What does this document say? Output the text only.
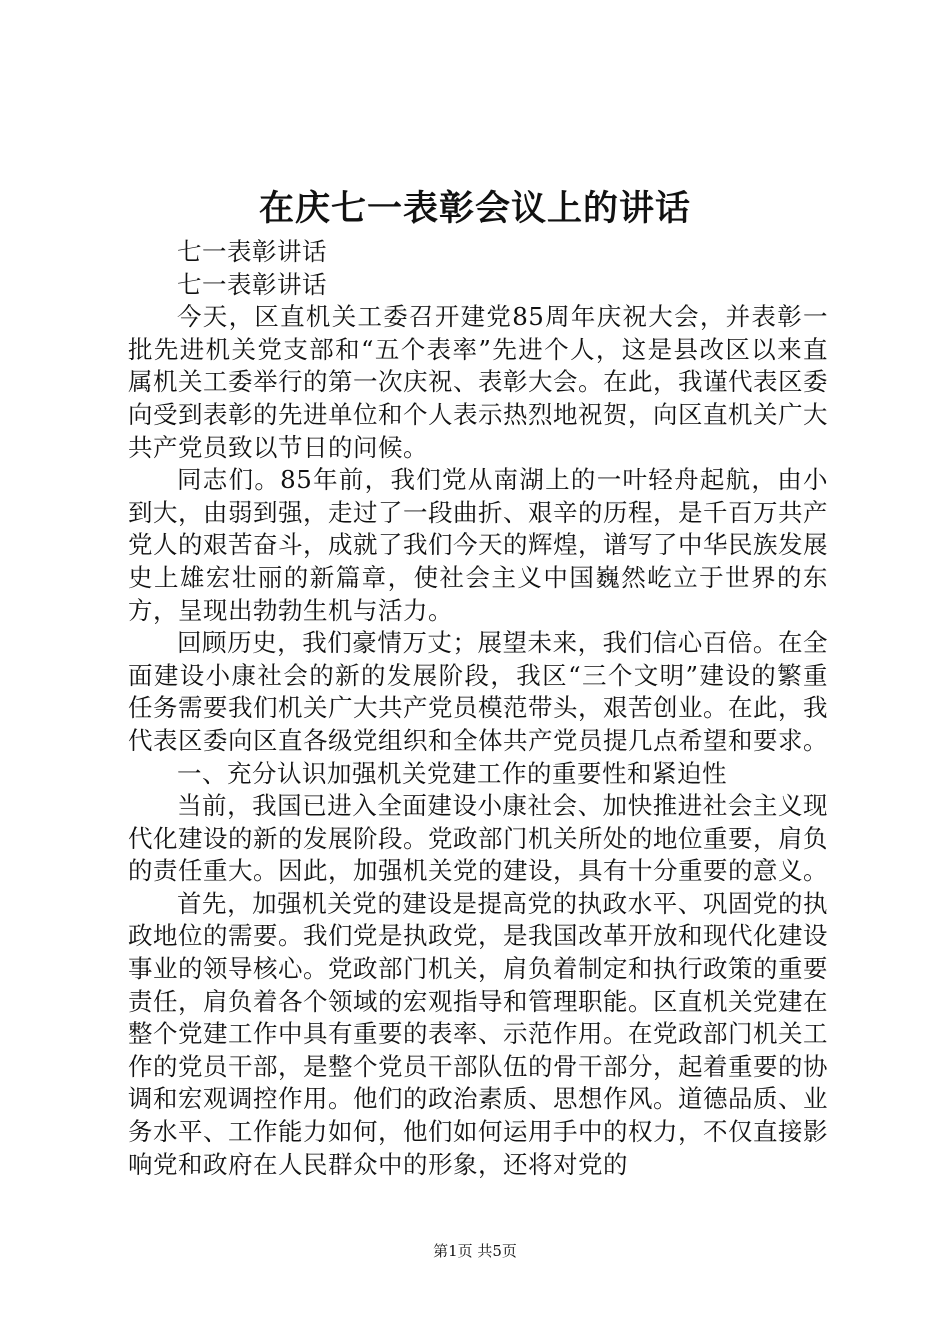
在庆七一表彰会议上的讲话

七一表彰讲话

七一表彰讲话

今天，区直机关工委召开建党85周年庆祝大会，并表彰一批先进机关党支部和“五个表率”先进个人，这是县改区以来直属机关工委举行的第一次庆祝、表彰大会。在此，我谨代表区委向受到表彰的先进单位和个人表示热烈地祝贺，向区直机关广大共产党员致以节日的问候。

同志们。85年前，我们党从南湖上的一叶轻舟起航，由小到大，由弱到强，走过了一段曲折、艰辛的历程，是千百万共产党人的艰苦奋斗，成就了我们今天的辉煌，谱写了中华民族发展史上雄宏壮丽的新篇章，使社会主义中国巍然屹立于世界的东方，呈现出勃勃生机与活力。

回顾历史，我们豪情万丈；展望未来，我们信心百倍。在全面建设小康社会的新的发展阶段，我区“三个文明”建设的繁重任务需要我们机关广大共产党员模范带头，艰苦创业。在此，我代表区委向区直各级党组织和全体共产党员提几点希望和要求。

一、充分认识加强机关党建工作的重要性和紧迫性

当前，我国已进入全面建设小康社会、加快推进社会主义现代化建设的新的发展阶段。党政部门机关所处的地位重要，肩负的责任重大。因此，加强机关党的建设，具有十分重要的意义。

首先，加强机关党的建设是提高党的执政水平、巩固党的执政地位的需要。我们党是执政党，是我国改革开放和现代化建设事业的领导核心。党政部门机关，肩负着制定和执行政策的重要责任，肩负着各个领域的宏观指导和管理职能。区直机关党建在整个党建工作中具有重要的表率、示范作用。在党政部门机关工作的党员干部，是整个党员干部队伍的骨干部分，起着重要的协调和宏观调控作用。他们的政治素质、思想作风。道德品质、业务水平、工作能力如何，他们如何运用手中的权力，不仅直接影响党和政府在人民群众中的形象，还将对党的

第1页 共5页
